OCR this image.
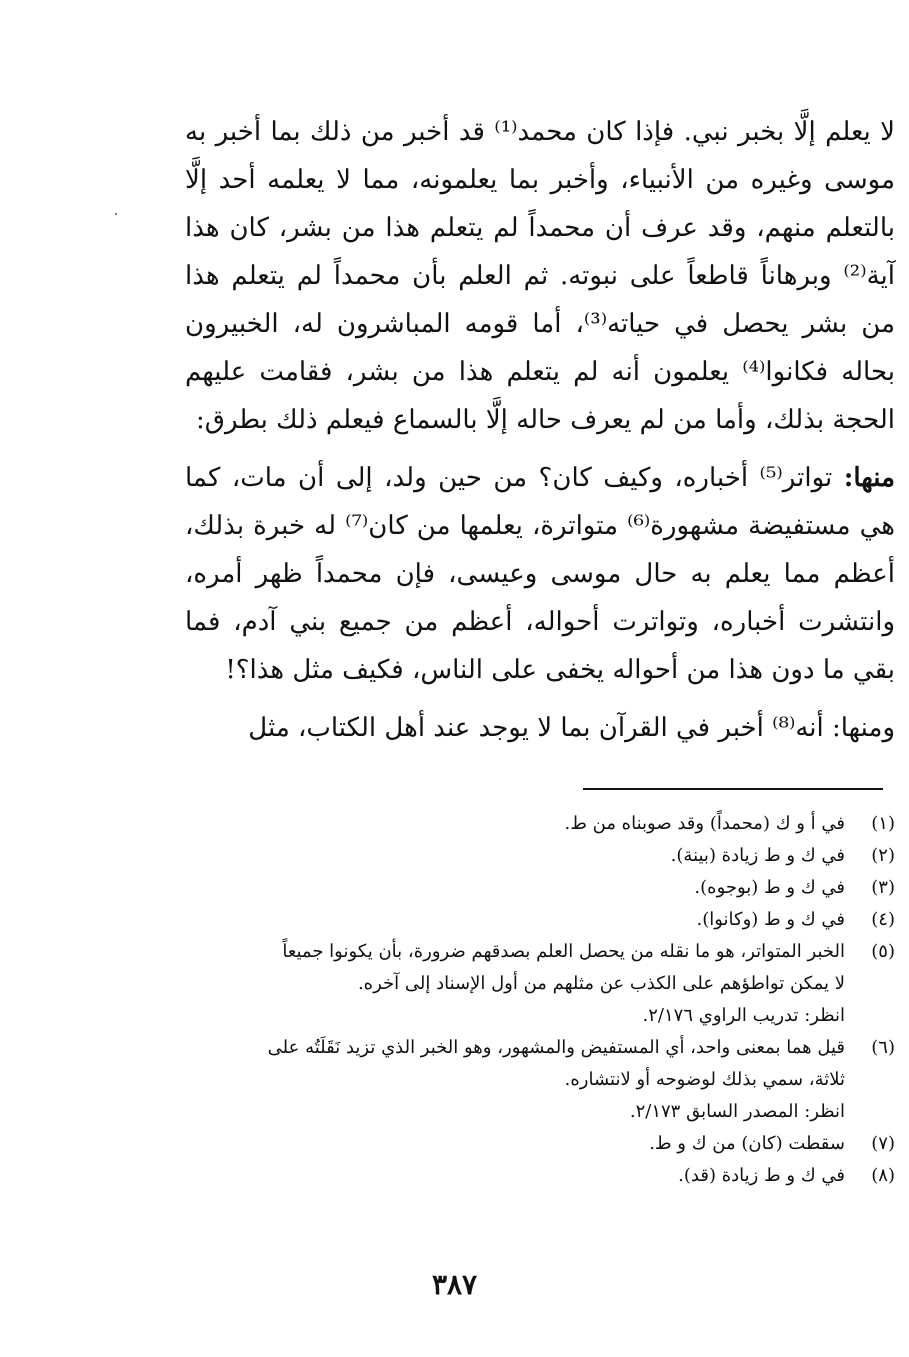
لا يعلم إلَّا بخبر نبي. فإذا كان محمد⁽¹⁾ قد أخبر من ذلك بما أخبر به موسى وغيره من الأنبياء، وأخبر بما يعلمونه، مما لا يعلمه أحد إلَّا بالتعلم منهم، وقد عرف أن محمداً لم يتعلم هذا من بشر، كان هذا آية⁽²⁾ وبرهاناً قاطعاً على نبوته. ثم العلم بأن محمداً لم يتعلم هذا من بشر يحصل في حياته⁽³⁾، أما قومه المباشرون له، الخبيرون بحاله فكانوا⁽⁴⁾ يعلمون أنه لم يتعلم هذا من بشر، فقامت عليهم الحجة بذلك، وأما من لم يعرف حاله إلَّا بالسماع فيعلم ذلك بطرق:

منها: تواتر⁽⁵⁾ أخباره، وكيف كان؟ من حين ولد، إلى أن مات، كما هي مستفيضة مشهورة⁽⁶⁾ متواترة، يعلمها من كان⁽⁷⁾ له خبرة بذلك، أعظم مما يعلم به حال موسى وعيسى، فإن محمداً ظهر أمره، وانتشرت أخباره، وتواترت أحواله، أعظم من جميع بني آدم، فما بقي ما دون هذا من أحواله يخفى على الناس، فكيف مثل هذا؟!

ومنها: أنه⁽⁸⁾ أخبر في القرآن بما لا يوجد عند أهل الكتاب، مثل

(١)
في أ و ك (محمداً) وقد صوبناه من ط.
(٢)
في ك و ط زيادة (بينة).
(٣)
في ك و ط (بوجوه).
(٤)
في ك و ط (وكانوا).
(٥)
الخبر المتواتر، هو ما نقله من يحصل العلم بصدقهم ضرورة، بأن يكونوا جميعاً
لا يمكن تواطؤهم على الكذب عن مثلهم من أول الإسناد إلى آخره.
انظر: تدريب الراوي ٢/١٧٦.
(٦)
قيل هما بمعنى واحد، أي المستفيض والمشهور، وهو الخبر الذي تزيد نَقَلَتُه على
ثلاثة، سمي بذلك لوضوحه أو لانتشاره.
انظر: المصدر السابق ٢/١٧٣.
(٧)
سقطت (كان) من ك و ط.
(٨)
في ك و ط زيادة (قد).
٣٨٧
